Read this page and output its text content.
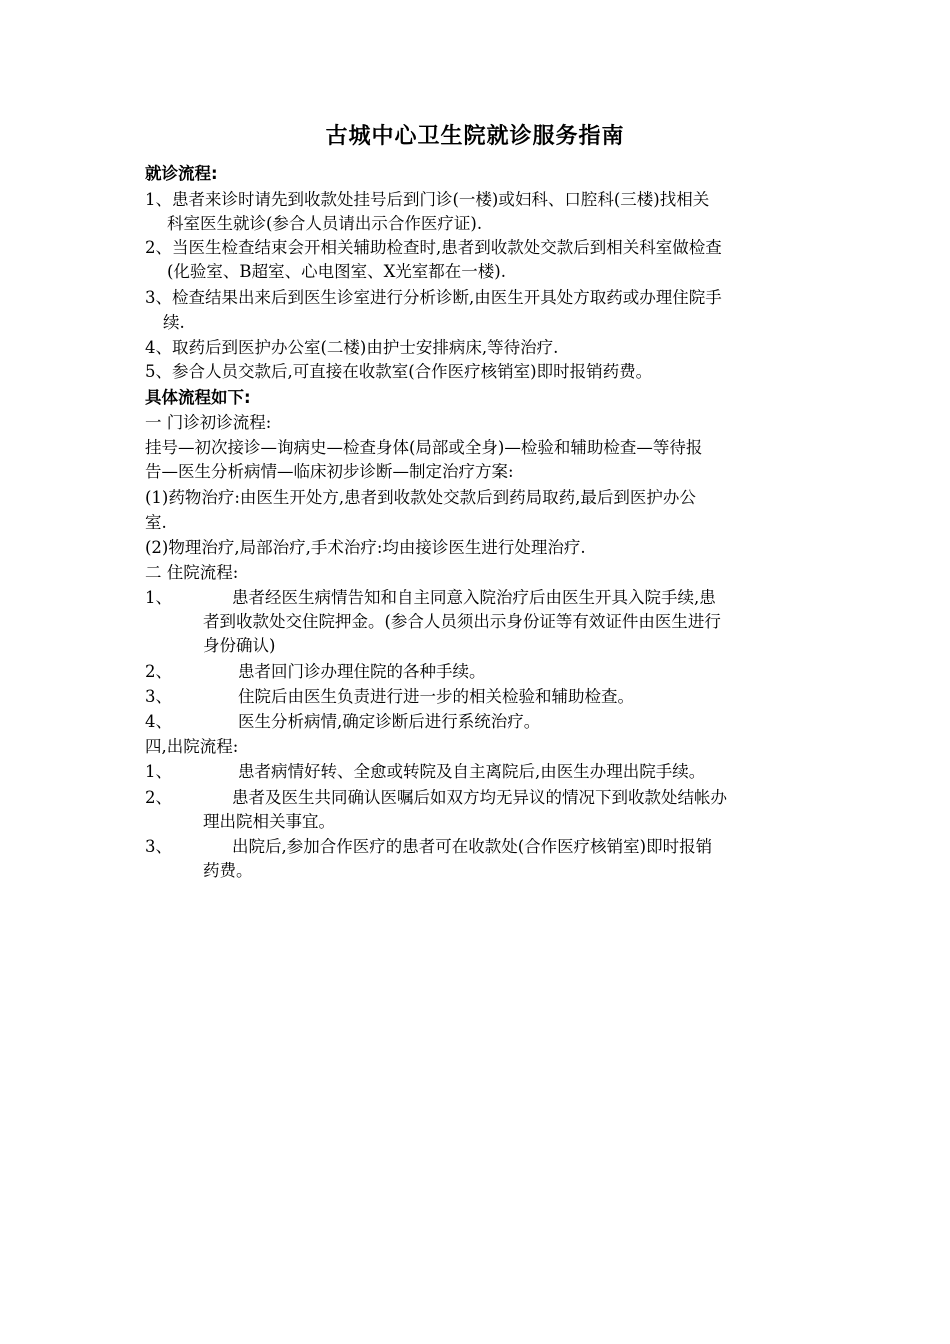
古城中心卫生院就诊服务指南
就诊流程:
1、患者来诊时请先到收款处挂号后到门诊(一楼)或妇科、口腔科(三楼)找相关
科室医生就诊(参合人员请出示合作医疗证).
2、当医生检查结束会开相关辅助检查时,患者到收款处交款后到相关科室做检查
(化验室、B超室、心电图室、X光室都在一楼).
3、检查结果出来后到医生诊室进行分析诊断,由医生开具处方取药或办理住院手
续.
4、取药后到医护办公室(二楼)由护士安排病床,等待治疗.
5、参合人员交款后,可直接在收款室(合作医疗核销室)即时报销药费。
具体流程如下:
一 门诊初诊流程:
挂号—初次接诊—询病史—检查身体(局部或全身)—检验和辅助检查—等待报
告—医生分析病情—临床初步诊断—制定治疗方案:
(1)药物治疗:由医生开处方,患者到收款处交款后到药局取药,最后到医护办公
室.
(2)物理治疗,局部治疗,手术治疗:均由接诊医生进行处理治疗.
二 住院流程:
1、	患者经医生病情告知和自主同意入院治疗后由医生开具入院手续,患
者到收款处交住院押金。(参合人员须出示身份证等有效证件由医生进行
身份确认)
2、	患者回门诊办理住院的各种手续。
3、	住院后由医生负责进行进一步的相关检验和辅助检查。
4、	医生分析病情,确定诊断后进行系统治疗。
四,出院流程:
1、	患者病情好转、全愈或转院及自主离院后,由医生办理出院手续。
2、	患者及医生共同确认医嘱后如双方均无异议的情况下到收款处结帐办
理出院相关事宜。
3、	出院后,参加合作医疗的患者可在收款处(合作医疗核销室)即时报销
药费。
